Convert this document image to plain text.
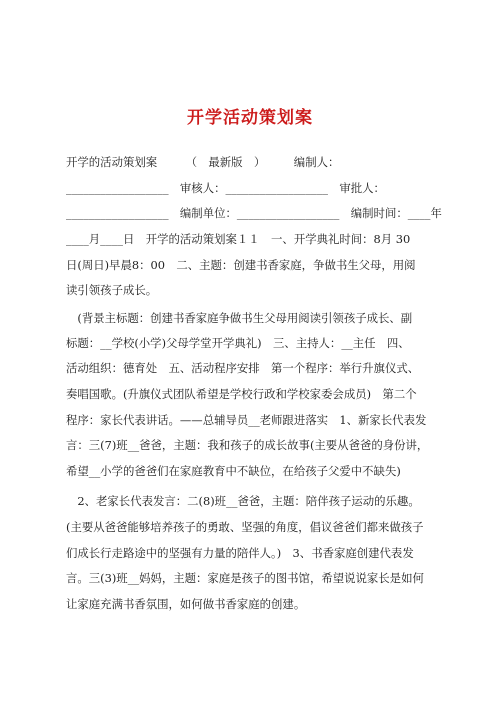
开学活动策划案
开学的活动策划案　　　（　最新版　）　　　编制人：
__________________　审核人：__________________　审批人：
__________________　编制单位：__________________　编制时间：____年
____月____日　开学的活动策划案１１　一、开学典礼时间：8月 30
日(周日)早晨8：00　二、主题：创建书香家庭，争做书生父母，用阅
读引领孩子成长。
　(背景主标题：创建书香家庭争做书生父母用阅读引领孩子成长、副
标题：__学校(小学)父母学堂开学典礼)　三、主持人：__主任　四、
活动组织：德育处　五、活动程序安排　第一个程序：举行升旗仪式、
奏唱国歌。(升旗仪式团队希望是学校行政和学校家委会成员)　第二个
程序：家长代表讲话。——总辅导员__老师跟进落实　1、新家长代表发
言：三(7)班__爸爸，主题：我和孩子的成长故事(主要从爸爸的身份讲，
希望__小学的爸爸们在家庭教育中不缺位，在给孩子父爱中不缺失)
　2、老家长代表发言：二(8)班__爸爸，主题：陪伴孩子运动的乐趣。
(主要从爸爸能够培养孩子的勇敢、坚强的角度，倡议爸爸们都来做孩子
们成长行走路途中的坚强有力量的陪伴人。)　3、书香家庭创建代表发
言。三(3)班__妈妈，主题：家庭是孩子的图书馆，希望说说家长是如何
让家庭充满书香氛围，如何做书香家庭的创建。
